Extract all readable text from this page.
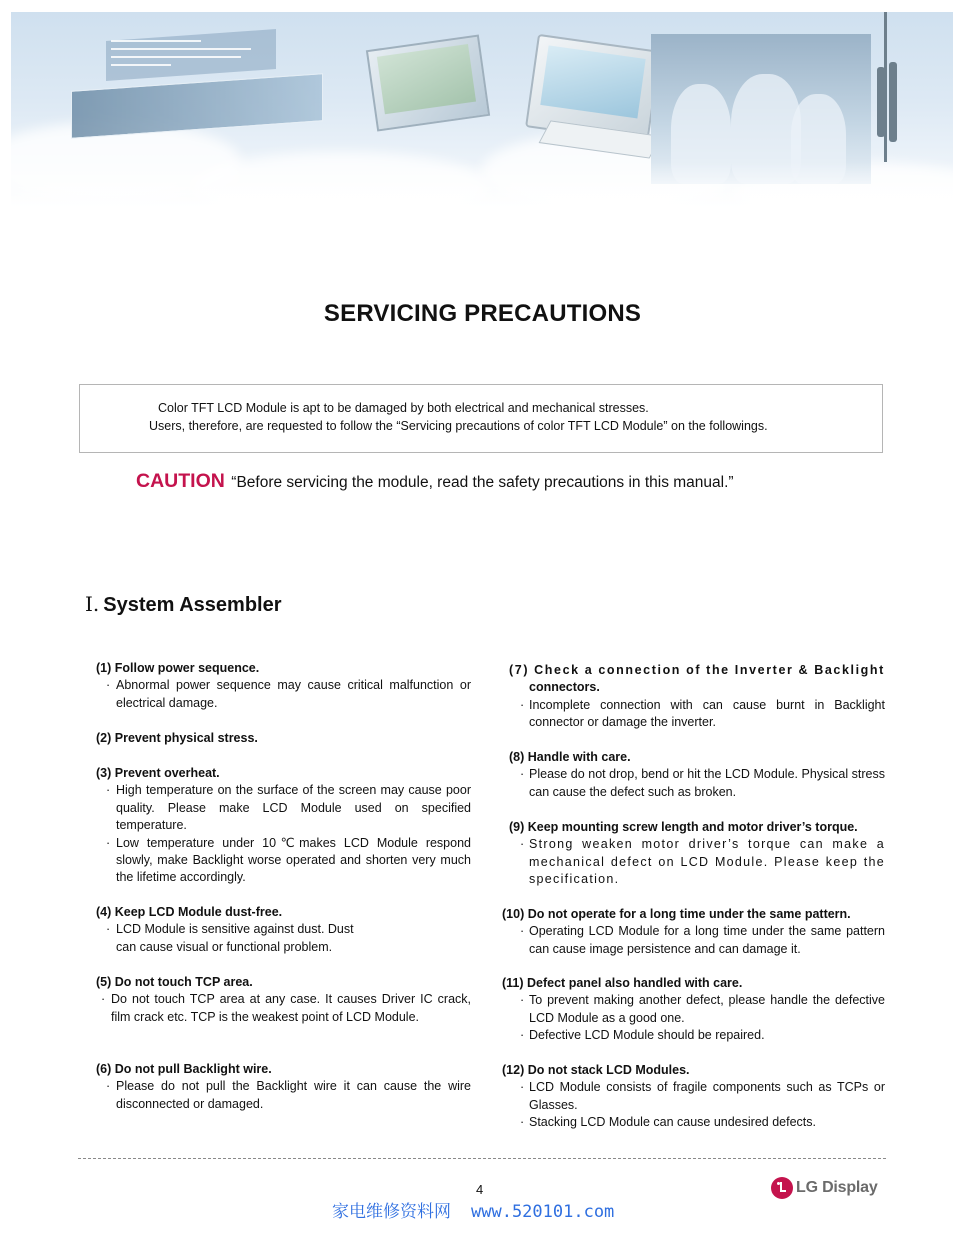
SERVICING PRECAUTIONS
Color TFT LCD Module is apt to be damaged by both electrical and mechanical stresses.
Users, therefore, are requested to follow the “Servicing precautions of color TFT LCD Module” on the followings.
CAUTION “Before servicing the module, read the safety precautions in this manual.”
Ⅰ. System Assembler
(1) Follow power sequence.
· Abnormal power sequence may cause critical malfunction or electrical damage.
(2) Prevent physical stress.
(3) Prevent overheat.
· High temperature on the surface of the screen may cause poor quality. Please make LCD Module used on specified temperature.
· Low temperature under 10℃makes LCD Module respond slowly, make Backlight worse operated and shorten very much the lifetime accordingly.
(4) Keep LCD Module dust-free.
· LCD Module is sensitive against dust. Dust can cause visual or functional problem.
(5) Do not touch TCP area.
· Do not touch TCP area at any case. It causes Driver IC crack, film crack etc. TCP is the weakest point of LCD Module.
(6) Do not pull Backlight wire.
· Please do not pull the Backlight wire it can cause the wire disconnected or damaged.
(7) Check a connection of the Inverter & Backlight
connectors.
· Incomplete connection with can cause burnt in Backlight connector or damage the inverter.
(8) Handle with care.
· Please do not drop, bend or hit the LCD Module. Physical stress can cause the defect such as broken.
(9) Keep mounting screw length and motor driver’s torque.
· Strong weaken motor driver’s torque can make a mechanical defect on LCD Module. Please keep the specification.
(10) Do not operate for a long time under the same pattern.
· Operating LCD Module for a long time under the same pattern can cause image persistence and can damage it.
(11) Defect panel also handled with care.
· To prevent making another defect, please handle the defective LCD Module as a good one.
· Defective LCD Module should be repaired.
(12) Do not stack LCD Modules.
· LCD Module consists of fragile components such as TCPs or Glasses.
· Stacking LCD Module can cause undesired defects.
4
家电维修资料网 www.520101.com
LG Display
